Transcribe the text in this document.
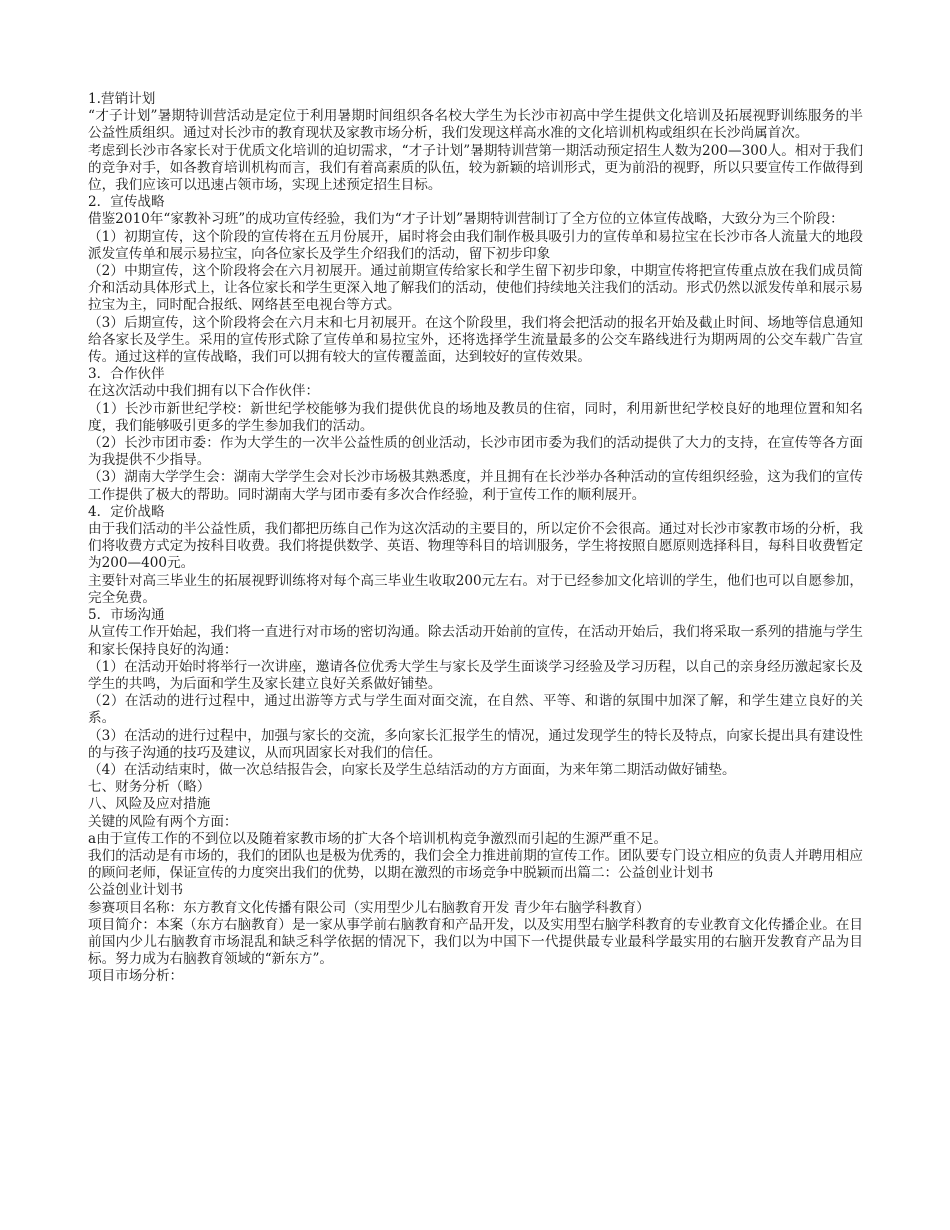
1.营销计划

“才子计划”暑期特训营活动是定位于利用暑期时间组织各名校大学生为长沙市初高中学生提供文化培训及拓展视野训练服务的半公益性质组织。通过对长沙市的教育现状及家教市场分析，我们发现这样高水准的文化培训机构或组织在长沙尚属首次。

考虑到长沙市各家长对于优质文化培训的迫切需求，“才子计划”暑期特训营第一期活动预定招生人数为200—300人。相对于我们的竞争对手，如各教育培训机构而言，我们有着高素质的队伍，较为新颖的培训形式，更为前沿的视野，所以只要宣传工作做得到位，我们应该可以迅速占领市场，实现上述预定招生目标。

2．宣传战略

借鉴2010年“家教补习班”的成功宣传经验，我们为“才子计划”暑期特训营制订了全方位的立体宣传战略，大致分为三个阶段：

（1）初期宣传，这个阶段的宣传将在五月份展开，届时将会由我们制作极具吸引力的宣传单和易拉宝在长沙市各人流量大的地段派发宣传单和展示易拉宝，向各位家长及学生介绍我们的活动，留下初步印象

（2）中期宣传，这个阶段将会在六月初展开。通过前期宣传给家长和学生留下初步印象，中期宣传将把宣传重点放在我们成员简介和活动具体形式上，让各位家长和学生更深入地了解我们的活动，使他们持续地关注我们的活动。形式仍然以派发传单和展示易拉宝为主，同时配合报纸、网络甚至电视台等方式。

（3）后期宣传，这个阶段将会在六月末和七月初展开。在这个阶段里，我们将会把活动的报名开始及截止时间、场地等信息通知给各家长及学生。采用的宣传形式除了宣传单和易拉宝外，还将选择学生流量最多的公交车路线进行为期两周的公交车载广告宣传。通过这样的宣传战略，我们可以拥有较大的宣传覆盖面，达到较好的宣传效果。

3．合作伙伴

在这次活动中我们拥有以下合作伙伴：

（1）长沙市新世纪学校：新世纪学校能够为我们提供优良的场地及教员的住宿，同时，利用新世纪学校良好的地理位置和知名度，我们能够吸引更多的学生参加我们的活动。

（2）长沙市团市委：作为大学生的一次半公益性质的创业活动，长沙市团市委为我们的活动提供了大力的支持，在宣传等各方面为我提供不少指导。

（3）湖南大学学生会：湖南大学学生会对长沙市场极其熟悉度，并且拥有在长沙举办各种活动的宣传组织经验，这为我们的宣传工作提供了极大的帮助。同时湖南大学与团市委有多次合作经验，利于宣传工作的顺利展开。

4．定价战略

由于我们活动的半公益性质，我们都把历练自己作为这次活动的主要目的，所以定价不会很高。通过对长沙市家教市场的分析，我们将收费方式定为按科目收费。我们将提供数学、英语、物理等科目的培训服务，学生将按照自愿原则选择科目，每科目收费暂定为200—400元。

主要针对高三毕业生的拓展视野训练将对每个高三毕业生收取200元左右。对于已经参加文化培训的学生，他们也可以自愿参加，完全免费。

5．市场沟通

从宣传工作开始起，我们将一直进行对市场的密切沟通。除去活动开始前的宣传，在活动开始后，我们将采取一系列的措施与学生和家长保持良好的沟通：

（1）在活动开始时将举行一次讲座，邀请各位优秀大学生与家长及学生面谈学习经验及学习历程，以自己的亲身经历激起家长及学生的共鸣，为后面和学生及家长建立良好关系做好铺垫。

（2）在活动的进行过程中，通过出游等方式与学生面对面交流，在自然、平等、和谐的氛围中加深了解，和学生建立良好的关系。

（3）在活动的进行过程中，加强与家长的交流，多向家长汇报学生的情况，通过发现学生的特长及特点，向家长提出具有建设性的与孩子沟通的技巧及建议，从而巩固家长对我们的信任。

（4）在活动结束时，做一次总结报告会，向家长及学生总结活动的方方面面，为来年第二期活动做好铺垫。

七、财务分析（略）

八、风险及应对措施

关键的风险有两个方面：

a由于宣传工作的不到位以及随着家教市场的扩大各个培训机构竞争激烈而引起的生源严重不足。

我们的活动是有市场的，我们的团队也是极为优秀的，我们会全力推进前期的宣传工作。团队要专门设立相应的负责人并聘用相应的顾问老师，保证宣传的力度突出我们的优势，以期在激烈的市场竞争中脱颖而出篇二：公益创业计划书

公益创业计划书

参赛项目名称：东方教育文化传播有限公司（实用型少儿右脑教育开发 青少年右脑学科教育）

项目简介：本案（东方右脑教育）是一家从事学前右脑教育和产品开发，以及实用型右脑学科教育的专业教育文化传播企业。在目前国内少儿右脑教育市场混乱和缺乏科学依据的情况下，我们以为中国下一代提供最专业最科学最实用的右脑开发教育产品为目标。努力成为右脑教育领域的“新东方”。

项目市场分析：
